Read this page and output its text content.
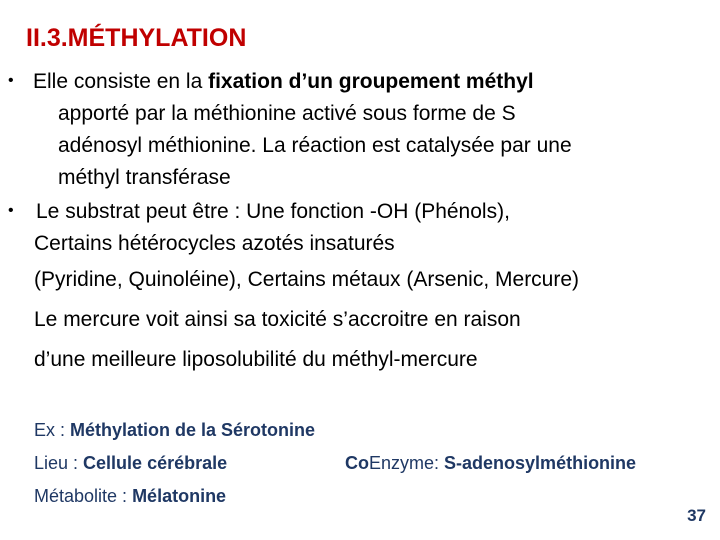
II.3.MÉTHYLATION
• Elle consiste en la fixation d’un groupement méthyl
apporté par la méthionine activé sous forme de S
adénosyl méthionine. La réaction est catalysée par une
méthyl transférase
•	Le substrat peut être : Une fonction -OH (Phénols),
Certains hétérocycles azotés insaturés
(Pyridine, Quinoléine), Certains métaux (Arsenic, Mercure)
Le mercure voit ainsi sa toxicité s’accroitre en raison
d’une meilleure liposolubilité du méthyl-mercure
Ex : Méthylation de la Sérotonine
Lieu : Cellule cérébrale	CoEnzyme: S-adenosylméthionine
Métabolite : Mélatonine
37
